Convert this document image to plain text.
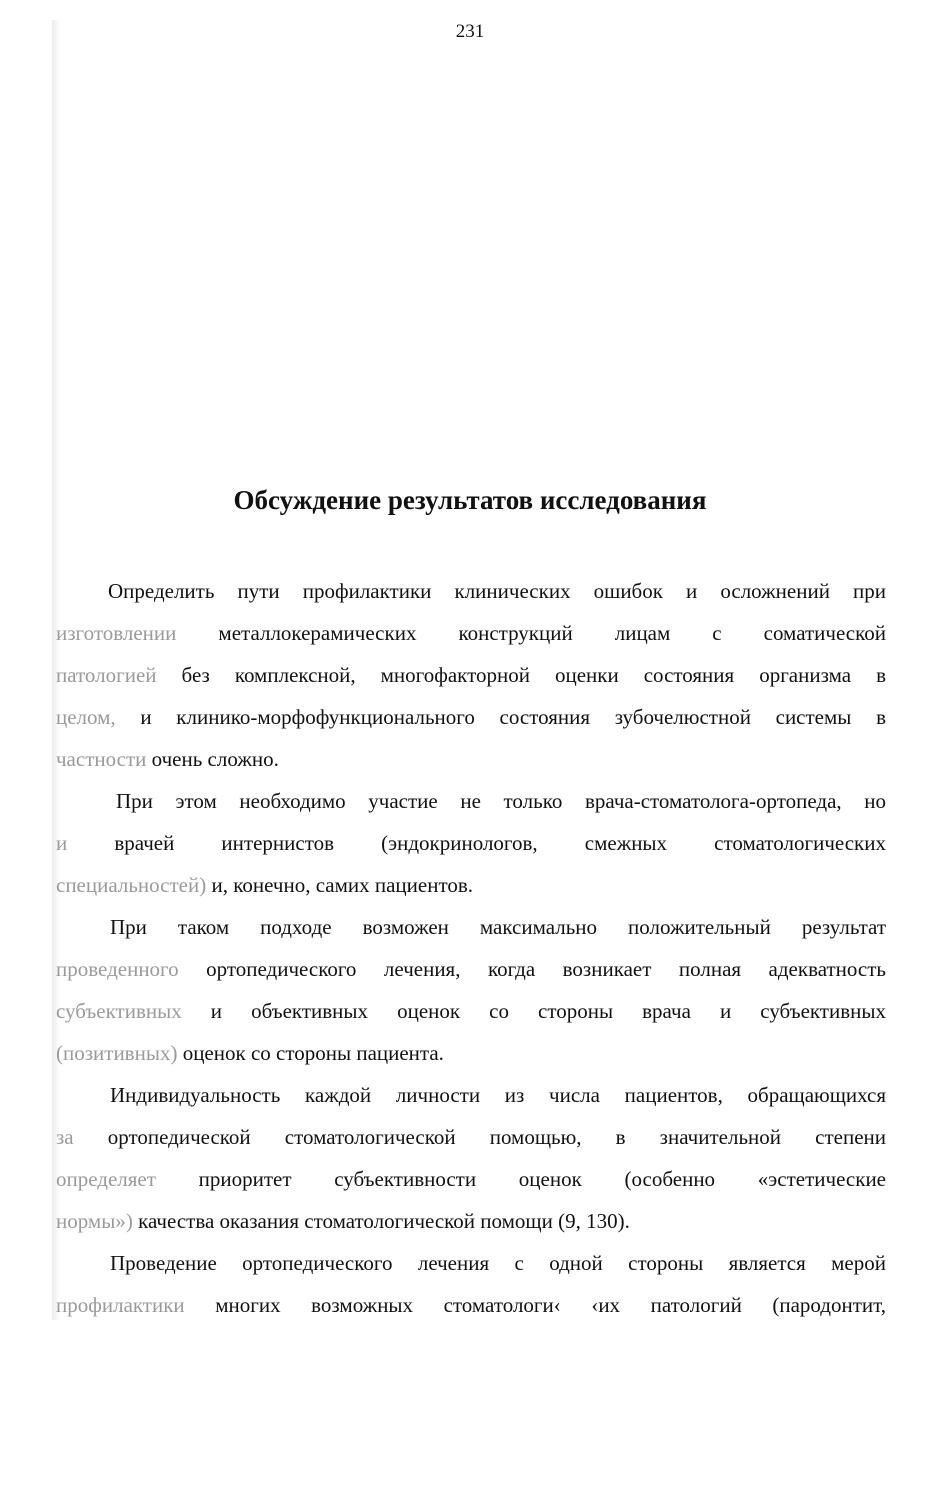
231
Обсуждение результатов исследования
Определить пути профилактики клинических ошибок и осложнений при
изготовлении металлокерамических конструкций лицам с соматической
патологией без комплексной, многофакторной оценки состояния организма в
целом, и клинико-морфофункционального состояния зубочелюстной системы в
частности очень сложно.
При этом необходимо участие не только врача-стоматолога-ортопеда, но
и врачей интернистов (эндокринологов, смежных стоматологических
специальностей) и, конечно, самих пациентов.
При таком подходе возможен максимально положительный результат
проведенного ортопедического лечения, когда возникает полная адекватность
субъективных и объективных оценок со стороны врача и субъективных
(позитивных) оценок со стороны пациента.
Индивидуальность каждой личности из числа пациентов, обращающихся
за ортопедической стоматологической помощью, в значительной степени
определяет приоритет субъективности оценок (особенно «эстетические
нормы») качества оказания стоматологической помощи (9, 130).
Проведение ортопедического лечения с одной стороны является мерой
профилактики многих возможных стоматологи‹ ‹их патологий (пародонтит,
